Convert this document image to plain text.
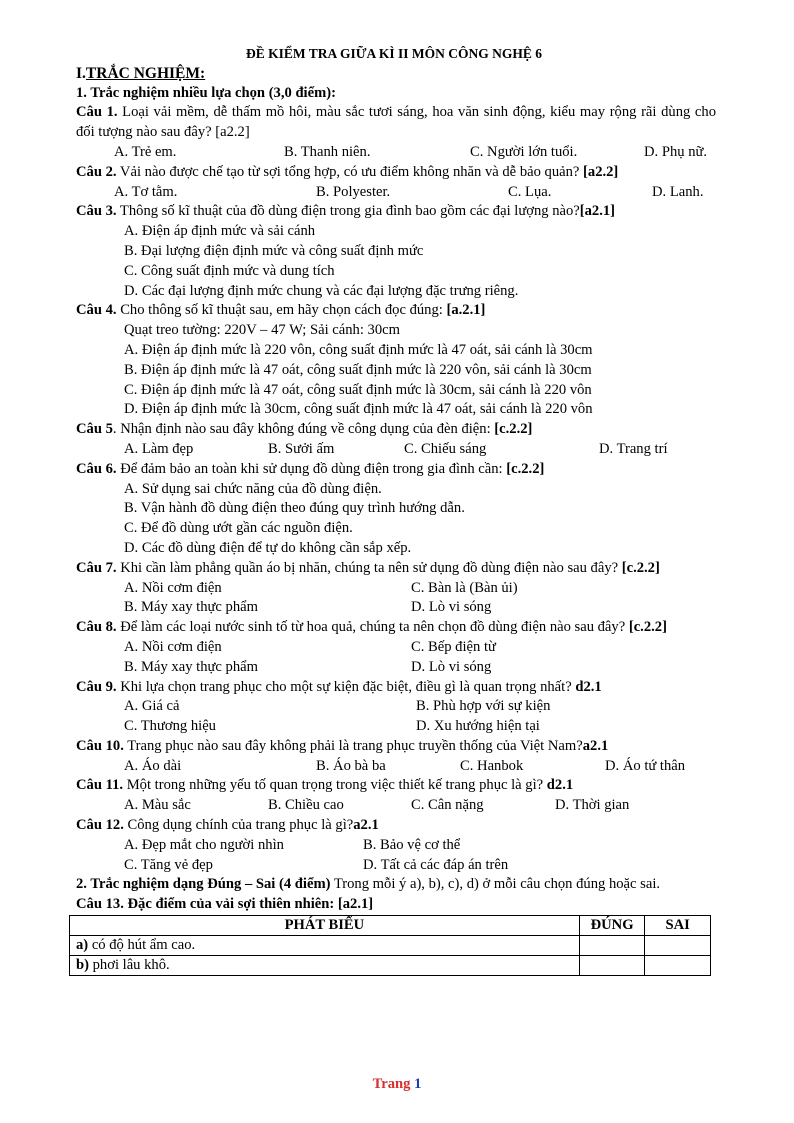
ĐỀ KIỂM TRA GIỮA KÌ II MÔN CÔNG NGHỆ 6
I.TRẮC NGHIỆM:
1. Trắc nghiệm nhiều lựa chọn (3,0 điểm):
Câu 1. Loại vải mềm, dễ thấm mồ hôi, màu sắc tươi sáng, hoa văn sinh động, kiểu may rộng rãi dùng cho đối tượng nào sau đây? [a2.2]
A. Trẻ em.	B. Thanh niên.	C. Người lớn tuổi.	D. Phụ nữ.
Câu 2. Vải nào được chế tạo từ sợi tổng hợp, có ưu điểm không nhăn và dễ bảo quản? [a2.2]
A. Tơ tằm.	B. Polyester.	C. Lụa.	D. Lanh.
Câu 3. Thông số kĩ thuật của đồ dùng điện trong gia đình bao gồm các đại lượng nào?[a2.1]
A. Điện áp định mức và sải cánh
B. Đại lượng điện định mức và công suất định mức
C. Công suất định mức và dung tích
D. Các đại lượng định mức chung và các đại lượng đặc trưng riêng.
Câu 4. Cho thông số kĩ thuật sau, em hãy chọn cách đọc đúng: [a.2.1]
Quạt treo tường: 220V – 47 W; Sải cánh: 30cm
A. Điện áp định mức là 220 vôn, công suất định mức là 47 oát, sải cánh là 30cm
B. Điện áp định mức là 47 oát, công suất định mức là 220 vôn, sải cánh là 30cm
C. Điện áp định mức là 47 oát, công suất định mức là 30cm, sải cánh là 220 vôn
D. Điện áp định mức là 30cm, công suất định mức là 47 oát, sải cánh là 220 vôn
Câu 5. Nhận định nào sau đây không đúng về công dụng của đèn điện: [c.2.2]
A. Làm đẹp	B. Sưởi ấm	C. Chiếu sáng	D. Trang trí
Câu 6. Để đảm bảo an toàn khi sử dụng đồ dùng điện trong gia đình cần: [c.2.2]
A. Sử dụng sai chức năng của đồ dùng điện.
B. Vận hành đồ dùng điện theo đúng quy trình hướng dẫn.
C. Để đồ dùng ướt gần các nguồn điện.
D. Các đồ dùng điện để tự do không cần sắp xếp.
Câu 7. Khi cần làm phẳng quần áo bị nhăn, chúng ta nên sử dụng đồ dùng điện nào sau đây? [c.2.2]
A. Nồi cơm điện	C. Bàn là (Bàn ủi)
B. Máy xay thực phẩm	D. Lò vi sóng
Câu 8. Để làm các loại nước sinh tố từ hoa quả, chúng ta nên chọn đồ dùng điện nào sau đây? [c.2.2]
A. Nồi cơm điện	C. Bếp điện từ
B. Máy xay thực phẩm	D. Lò vi sóng
Câu 9. Khi lựa chọn trang phục cho một sự kiện đặc biệt, điều gì là quan trọng nhất? d2.1
A. Giá cả	B. Phù hợp với sự kiện
C. Thương hiệu	D. Xu hướng hiện tại
Câu 10. Trang phục nào sau đây không phải là trang phục truyền thống của Việt Nam?a2.1
A. Áo dài	B. Áo bà ba	C. Hanbok	D. Áo tứ thân
Câu 11. Một trong những yếu tố quan trọng trong việc thiết kế trang phục là gì? d2.1
A. Màu sắc	B. Chiều cao	C. Cân nặng	D. Thời gian
Câu 12. Công dụng chính của trang phục là gì?a2.1
A. Đẹp mắt cho người nhìn	B. Bảo vệ cơ thể
C. Tăng vẻ đẹp	D. Tất cả các đáp án trên
2. Trắc nghiệm dạng Đúng – Sai (4 điểm) Trong mỗi ý a), b), c), d) ở mỗi câu chọn đúng hoặc sai.
Câu 13. Đặc điểm của vải sợi thiên nhiên: [a2.1]
PHÁT BIỂU	ĐÚNG	SAI
a) có độ hút ẩm cao.		
b) phơi lâu khô.		
Trang 1
